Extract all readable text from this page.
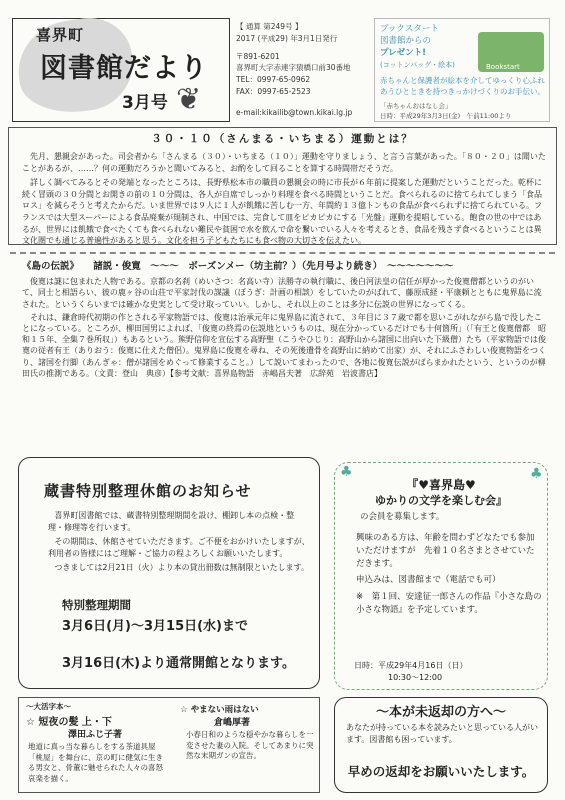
喜界町
図書館だより
3月号 ❦
【 通算 第249号 】
2017 (平成29) 年3月1日発行
〒891-6201
喜界町大字赤連字猿橋口前30番地
TEL：0997-65-0962
FAX：0997-65-2523
e-mail:kikailib@town.kikai.lg.jp
ブックスタート
図書館からの
プレゼント!
(コットンバッグ・絵本)	Bookstart
赤ちゃんと保護者が絵本を介してゆっくり心ふれあうひとときを持つきっかけづくりのお手伝い。
「赤ちゃんおはなし会」
日時：平成29年3月3日(金)　午前11:00より
３０・１０（さんまる・いちまる）運動とは？

先月、懇親会があった。司会者から「さんまる（３０）・いちまる（１０）」運動を守りましょう、と言う言葉があった。「８０・２０」は聞いたことがあるが、……？何の運動だろうかと聞いてみると、お酌をして回ることを算する時間帯だそうだ。

詳しく調べてみるとその発端となったところは、長野県松本市の職員の懇親会の時に市長が６年前に提案した運動だということだった。乾杯に続く冒頭の３０分間とお開きの前の１０分間は、各人が自席でしっかり料理を食べる時間ということだ。食べられるのに捨てられてしまう「食品ロス」を減らそうと考えたからだ。いま世界では９人に１人が飢餓に苦しむ一方、年間約１３億トンもの食品が食べられずに捨てられている。フランスでは大型スーパーによる食品廃棄が規制され、中国では、完食して皿をピカピカにする「光盤」運動を提唱している。飽食の世の中ではあるが、世界には飢餓で食べたくても食べられない難民や貧困で水を飲んで命を繋いでいる人々を考えるとき、食品を残さず食べるということは異文化圏でも通じる普遍性があると思う。文化を担う子どもたちにも食べ物の大切さを伝えたい。

《島の伝説》　　諸説・俊寛　～～～　ボーズンメー（坊主前？）（先月号より続き）　～～～～～～～

俊寛は謎に包まれた人物である。京都の名刹（めいさつ：名高い寺）法勝寺の執行職に、後白河法皇の信任が厚かった俊寛僧都というのがいて、同士と相語らい、彼の鹿ヶ谷の山荘で平家討伐の謀議（ぼうぎ：計画の相談）をしていたのがばれて、藤原成経・平康頼とともに鬼界島に流された。というくらいまでは確かな史実として受け取っていい。しかし、それ以上のことは多分に伝説の世界になってくる。

それは、鎌倉時代初期の作とされる平家物語では、俊寛は治承元年に鬼界島に流されて、３年目に３７歳で都を思いこがれながら島で没したことになっている。ところが、柳田国男によれば、「俊寛の終焉の伝説地というものは、現在分かっているだけでも十何箇所」（「有王と俊寛僧都　昭和１５年、全集７巻所収」）もあるという。熊野信仰を宣伝する高野聖（こうやひじり：高野山から諸国に出向いた下級僧）たち（平家物語では俊寛の従者有王（ありおう：俊寛に仕えた僧侶）。鬼界島に俊寛を尋ね、その死後遺骨を高野山に納めて出家）が、それにふさわしい俊寛物語をつくり、諸国を行脚（あんぎゃ：僧が諸国をめぐって修業すること。）して説いてまわったので、各地に俊寛伝説がばらまかれたという、というのが柳田氏の推測である。（文責：登山　典彦）【参考文献：喜界島物語　赤嶋昌夫著　広辞苑　岩波書店】

蔵書特別整理休館のお知らせ

喜界町図書館では、蔵書特別整理期間を設け、棚卸し本の点検・整理・修理等を行います。

その期間は、休館させていただきます。ご不便をおかけいたしますが、利用者の皆様にはご理解・ご協力の程よろしくお願いいたします。

つきましては2月21日（火）より本の貸出冊数は無制限といたします。

特別整理期間
3月6日(月)～3月15日(水)まで
3月16日(木)より通常開館となります。
♣	♣
『♥喜界島♥
ゆかりの文学を楽しむ会』
の会員を募集します。

興味のある方は、年齢を問わずどなたでも参加いただけますが　先着１０名さまとさせていただきます。

申込みは、図書館まで（電話でも可）

※　第１回、安達征一郎さんの作品『小さな島の小さな物語』を予定しています。

日時：平成29年4月16日（日）
10:30～12:00
～大活字本～
☆ 短夜の髪 上・下
澤田ふじ子著
地道に真っ当な暮らしをする茶道具屋「桃屋」を舞台に、京の町に健気に生きる男女と、骨董に魅せられた人々の喜怒哀楽を描く。
☆ やまない雨はない
倉嶋厚著
小春日和のような穏やかな暮らしを一変させた妻の入院。そしてあまりに突然な末期ガンの宣告。
～本が未返却の方へ～
あなたが持っている本を読みたいと思っている人がいます。図書館も困っています。
早めの返却をお願いいたします。
